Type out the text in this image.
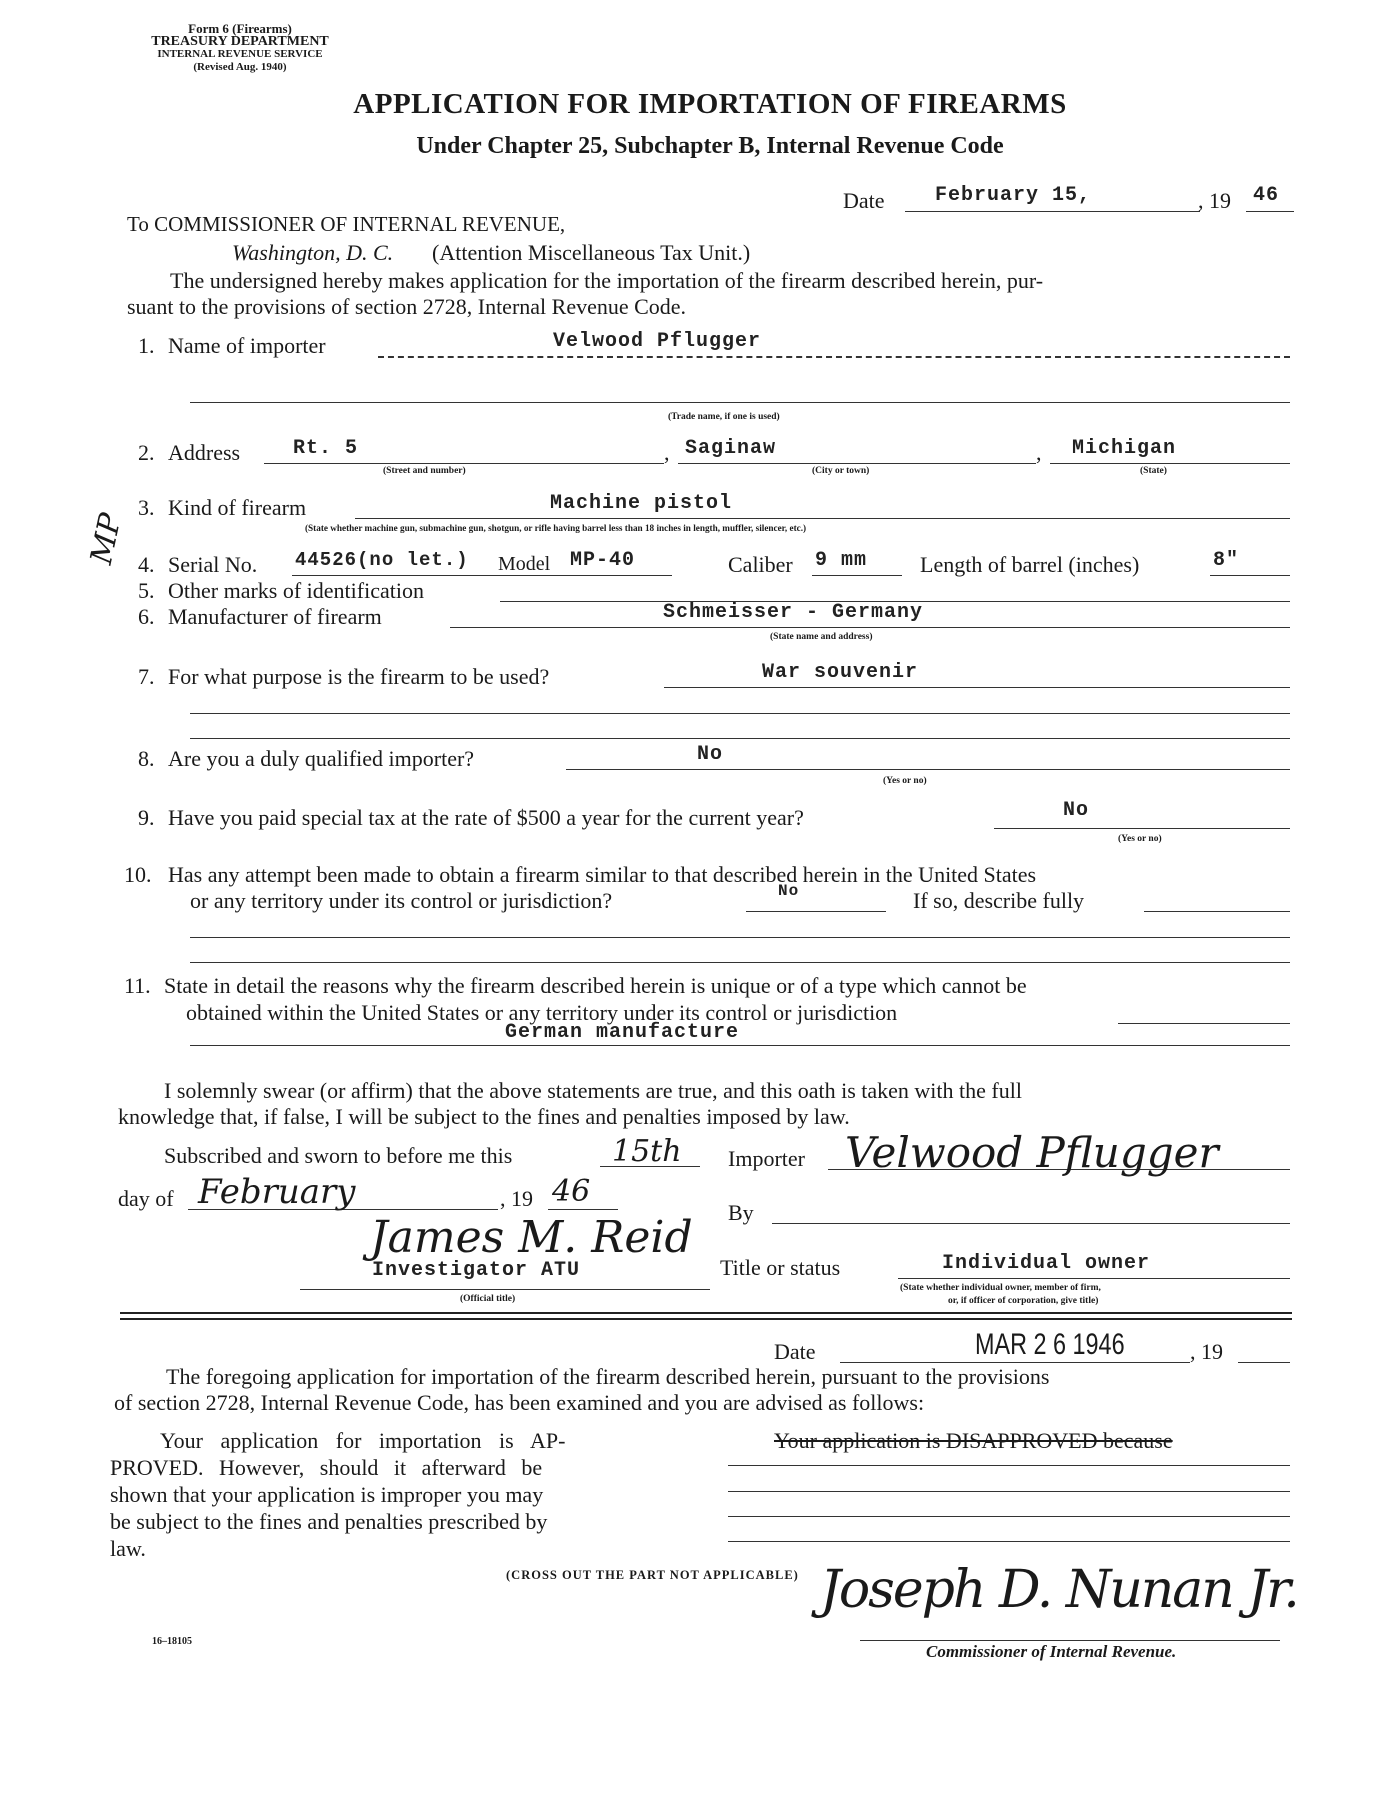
Form 6 (Firearms)
TREASURY DEPARTMENT
INTERNAL REVENUE SERVICE
(Revised Aug. 1940)
APPLICATION FOR IMPORTATION OF FIREARMS
Under Chapter 25, Subchapter B, Internal Revenue Code
Date	February 15,	, 19 46
To COMMISSIONER OF INTERNAL REVENUE,
Washington, D. C. (Attention Miscellaneous Tax Unit.)
The undersigned hereby makes application for the importation of the firearm described herein, pur-
suant to the provisions of section 2728, Internal Revenue Code.
1. Name of importer	Velwood Pflugger
(Trade name, if one is used)
2. Address	Rt. 5	, Saginaw	, Michigan
(Street and number)	(City or town)	(State)
3. Kind of firearm	Machine pistol
(State whether machine gun, submachine gun, shotgun, or rifle having barrel less than 18 inches in length, muffler, silencer, etc.)
MP 4. Serial No. 44526(no let.) Model MP-40	Caliber 9 mm Length of barrel (inches)	8"
5. Other marks of identification
6. Manufacturer of firearm	Schmeisser - Germany
(State name and address)
7. For what purpose is the firearm to be used?	War souvenir
8. Are you a duly qualified importer?	No
(Yes or no)
9. Have you paid special tax at the rate of $500 a year for the current year?	No
(Yes or no)
10. Has any attempt been made to obtain a firearm similar to that described herein in the United States
or any territory under its control or jurisdiction?	No	If so, describe fully
11. State in detail the reasons why the firearm described herein is unique or of a type which cannot be
obtained within the United States or any territory under its control or jurisdiction
German manufacture
I solemnly swear (or affirm) that the above statements are true, and this oath is taken with the full
knowledge that, if false, I will be subject to the fines and penalties imposed by law.
Subscribed and sworn to before me this	15th
day of February	, 19 46
James M. Reid
Investigator ATU
(Official title)
Importer Velwood Pflugger
By
Title or status	Individual owner
(State whether individual owner, member of firm,
or, if officer of corporation, give title)
Date	MAR 2 6 1946	, 19
The foregoing application for importation of the firearm described herein, pursuant to the provisions
of section 2728, Internal Revenue Code, has been examined and you are advised as follows:
Your application for importation is AP-
PROVED. However, should it afterward be
shown that your application is improper you may
be subject to the fines and penalties prescribed by
law.
Your application is DISAPPROVED because
(CROSS OUT THE PART NOT APPLICABLE) Joseph D. Nunan Jr.
Commissioner of Internal Revenue.
16–18105
